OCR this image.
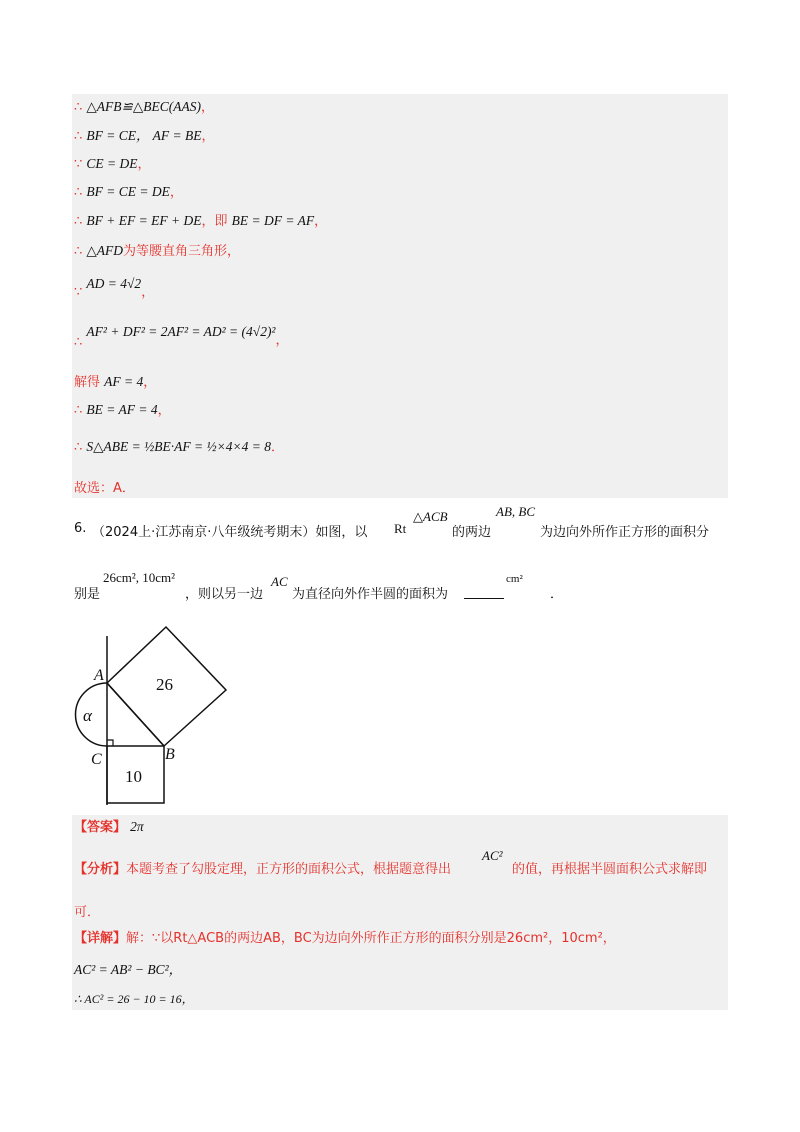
∴ △AFB≌△BEC(AAS)，
∴ BF = CE， AF = BE，
∵ CE = DE，
∴ BF = CE = DE，
∴ BF + EF = EF + DE，即 BE = DF = AF，
∴ △AFD为等腰直角三角形，
∵ AD = 4√2，
∴ AF² + DF² = 2AF² = AD² = (4√2)²，
解得 AF = 4，
∴ BE = AF = 4，
∴ S△ABE = ½BE·AF = ½×4×4 = 8．
故选：A．
6. （2024上·江苏南京·八年级统考期末）如图，以 Rt
△ACB
的两边
AB, BC
为边向外所作正方形的面积分
别是
26cm², 10cm²
，则以另一边
AC
为直径向外作半圆的面积为
cm²
．
A
B
C
α
26
10
【答案】 2π
【分析】本题考查了勾股定理，正方形的面积公式，根据题意得出
AC²
的值，再根据半圆面积公式求解即
可．
【详解】解：∵以Rt△ACB的两边AB，BC为边向外所作正方形的面积分别是26cm²，10cm²，
AC² = AB² − BC²，
∴ AC² = 26 − 10 = 16，
